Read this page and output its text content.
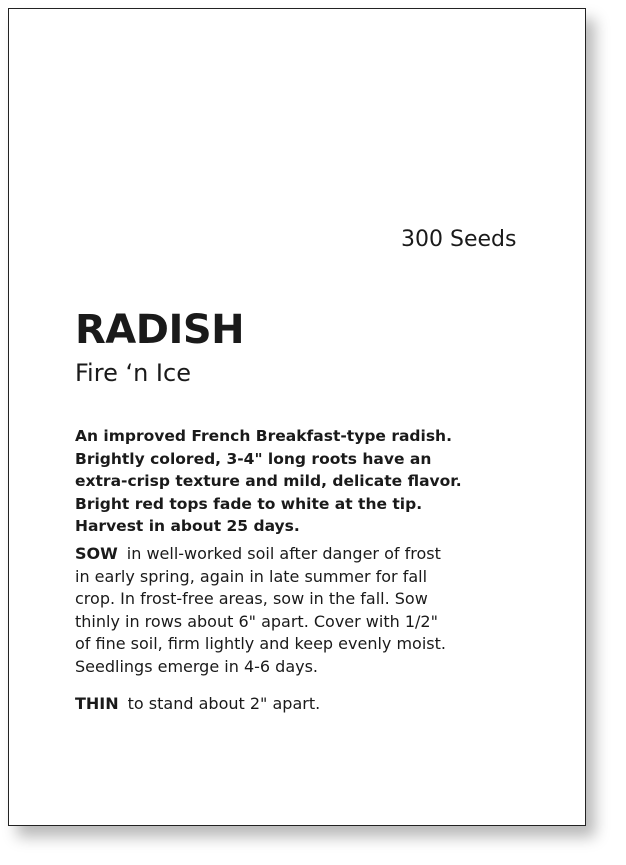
300 Seeds
RADISH
Fire ‘n Ice

An improved French Breakfast-type radish.
Brightly colored, 3-4" long roots have an
extra-crisp texture and mild, delicate flavor.
Bright red tops fade to white at the tip.
Harvest in about 25 days.

SOW in well-worked soil after danger of frost
in early spring, again in late summer for fall
crop. In frost-free areas, sow in the fall. Sow
thinly in rows about 6" apart. Cover with 1/2"
of fine soil, firm lightly and keep evenly moist.
Seedlings emerge in 4-6 days.

THIN to stand about 2" apart.
